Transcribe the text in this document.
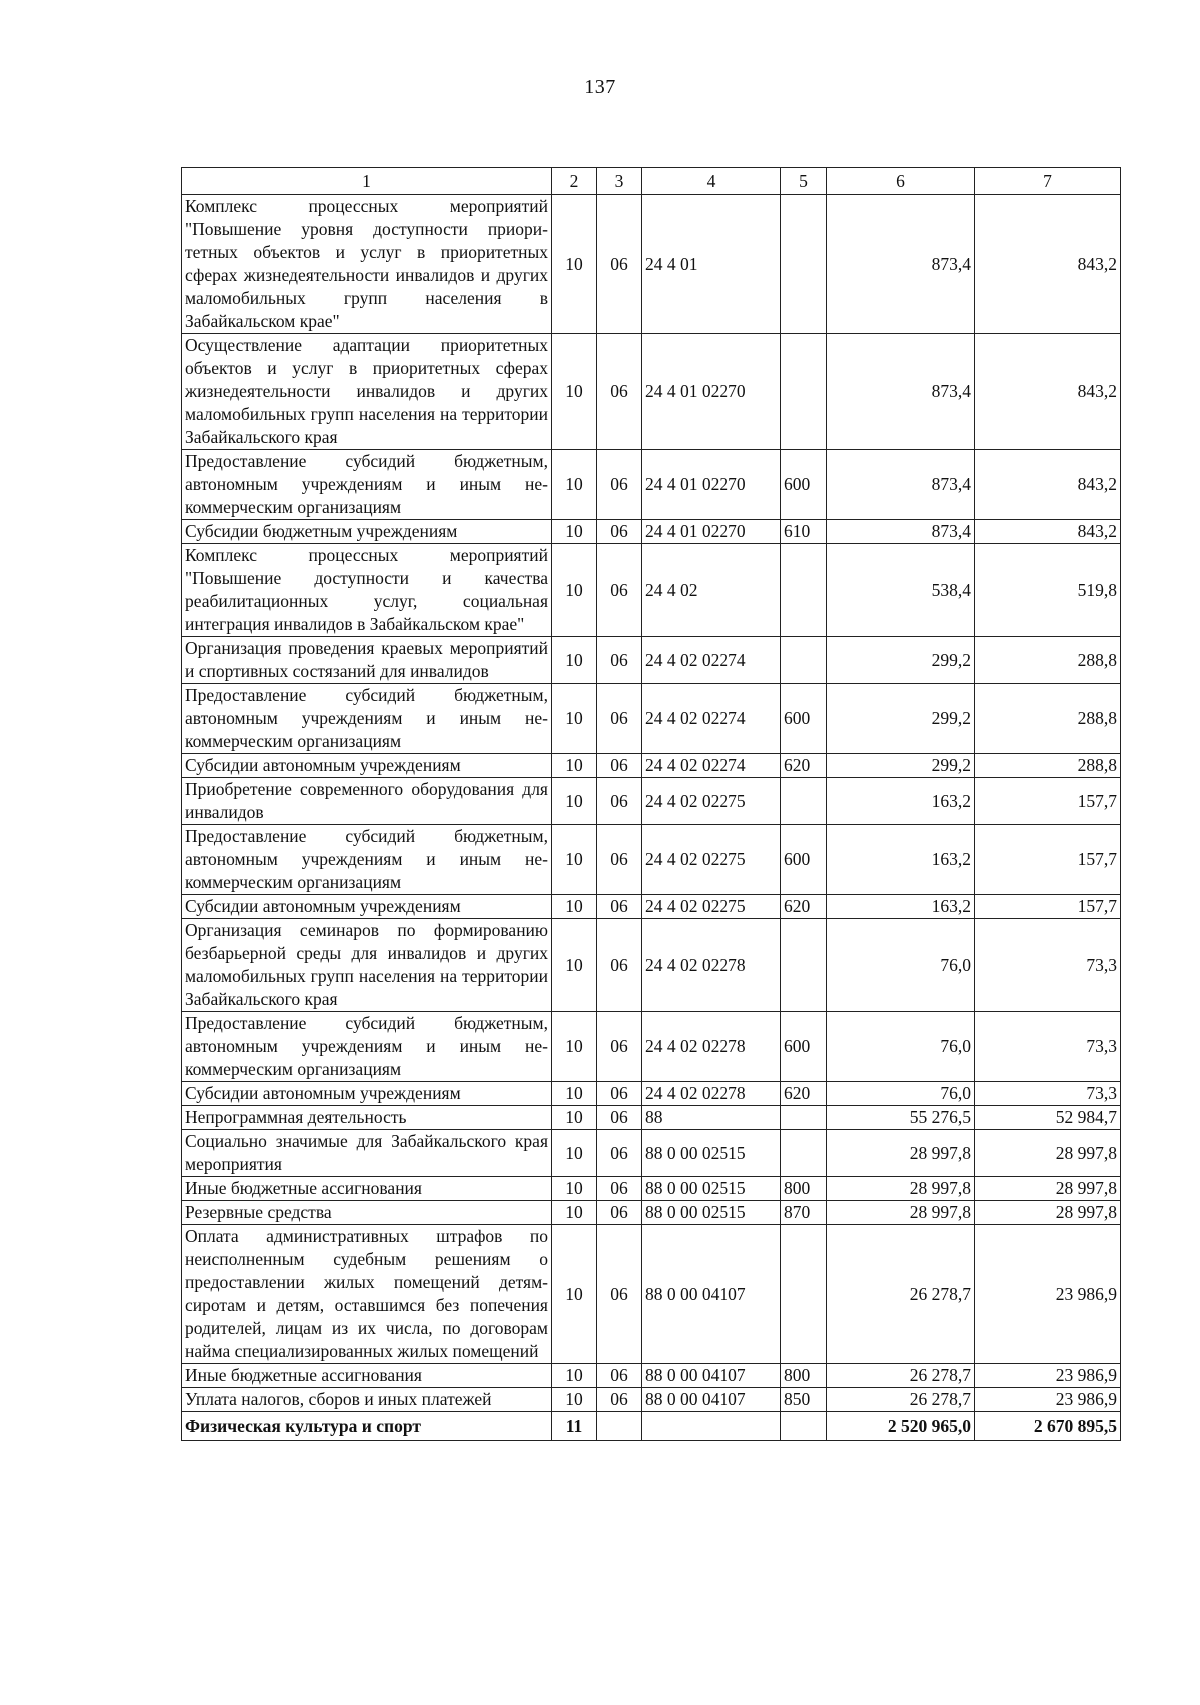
137
1	2	3	4	5	6	7
Комплекс процессных мероприятий "Повышение уровня доступности приоритетных объектов и услуг в приоритетных сферах жизнедеятельности инвалидов и других маломобильных групп населения в Забайкальском крае"	10	06	24 4 01		873,4	843,2
Осуществление адаптации приоритетных объектов и услуг в приоритетных сферах жизнедеятельности инвалидов и других маломобильных групп населения на территории Забайкальского края	10	06	24 4 01 02270		873,4	843,2
Предоставление субсидий бюджетным, автономным учреждениям и иным некоммерческим организациям	10	06	24 4 01 02270	600	873,4	843,2
Субсидии бюджетным учреждениям	10	06	24 4 01 02270	610	873,4	843,2
Комплекс процессных мероприятий "Повышение доступности и качества реабилитационных услуг, социальная интеграция инвалидов в Забайкальском крае"	10	06	24 4 02		538,4	519,8
Организация проведения краевых мероприятий и спортивных состязаний для инвалидов	10	06	24 4 02 02274		299,2	288,8
Предоставление субсидий бюджетным, автономным учреждениям и иным некоммерческим организациям	10	06	24 4 02 02274	600	299,2	288,8
Субсидии автономным учреждениям	10	06	24 4 02 02274	620	299,2	288,8
Приобретение современного оборудования для инвалидов	10	06	24 4 02 02275		163,2	157,7
Предоставление субсидий бюджетным, автономным учреждениям и иным некоммерческим организациям	10	06	24 4 02 02275	600	163,2	157,7
Субсидии автономным учреждениям	10	06	24 4 02 02275	620	163,2	157,7
Организация семинаров по формированию безбарьерной среды для инвалидов и других маломобильных групп населения на территории Забайкальского края	10	06	24 4 02 02278		76,0	73,3
Предоставление субсидий бюджетным, автономным учреждениям и иным некоммерческим организациям	10	06	24 4 02 02278	600	76,0	73,3
Субсидии автономным учреждениям	10	06	24 4 02 02278	620	76,0	73,3
Непрограммная деятельность	10	06	88		55 276,5	52 984,7
Социально значимые для Забайкальского края мероприятия	10	06	88 0 00 02515		28 997,8	28 997,8
Иные бюджетные ассигнования	10	06	88 0 00 02515	800	28 997,8	28 997,8
Резервные средства	10	06	88 0 00 02515	870	28 997,8	28 997,8
Оплата административных штрафов по неисполненным судебным решениям о предоставлении жилых помещений детям-сиротам и детям, оставшимся без попечения родителей, лицам из их числа, по договорам найма специализированных жилых помещений	10	06	88 0 00 04107		26 278,7	23 986,9
Иные бюджетные ассигнования	10	06	88 0 00 04107	800	26 278,7	23 986,9
Уплата налогов, сборов и иных платежей	10	06	88 0 00 04107	850	26 278,7	23 986,9
Физическая культура и спорт	11				2 520 965,0	2 670 895,5
